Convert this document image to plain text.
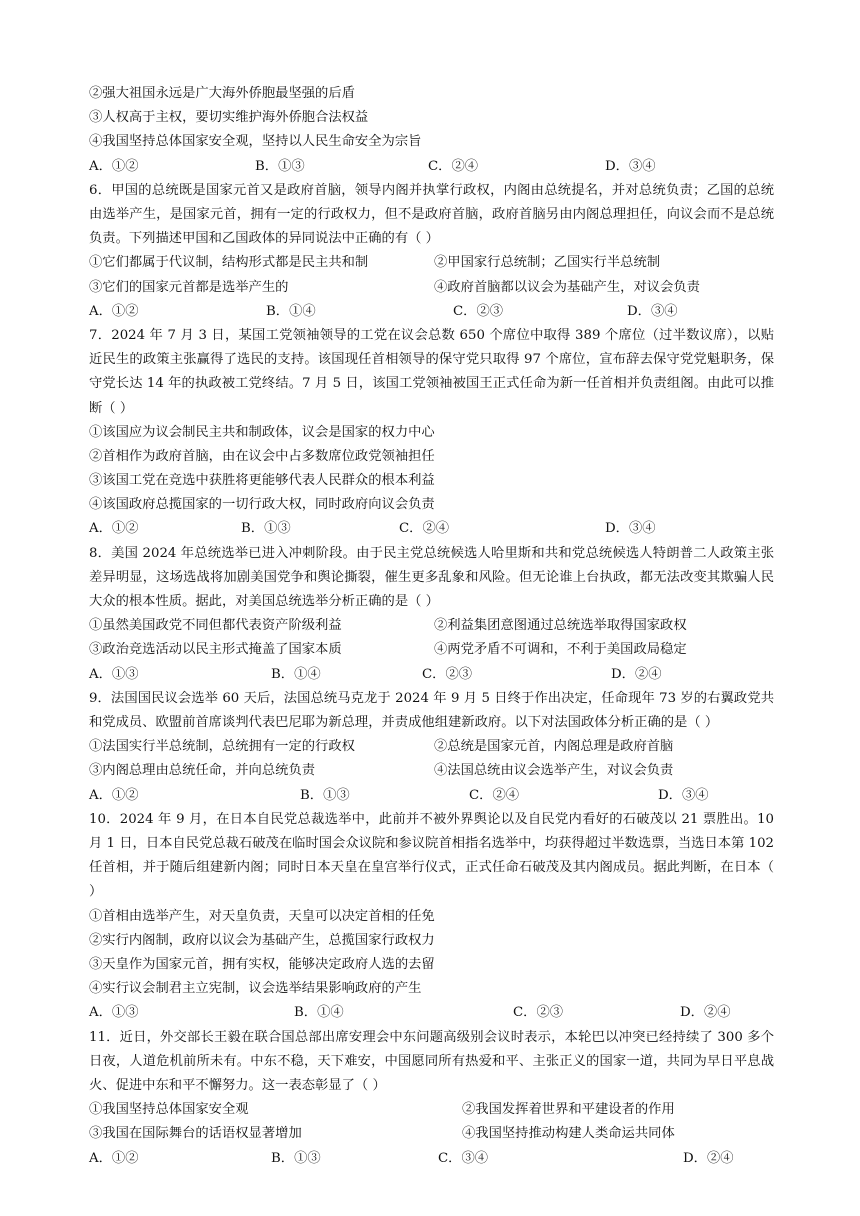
②强大祖国永远是广大海外侨胞最坚强的后盾
③人权高于主权，要切实维护海外侨胞合法权益
④我国坚持总体国家安全观，坚持以人民生命安全为宗旨
A．①②	B．①③	C．②④	D．③④
6．甲国的总统既是国家元首又是政府首脑，领导内阁并执掌行政权，内阁由总统提名，并对总统负责；乙国的总统由选举产生，是国家元首，拥有一定的行政权力，但不是政府首脑，政府首脑另由内阁总理担任，向议会而不是总统负责。下列描述甲国和乙国政体的异同说法中正确的有（ ）
①它们都属于代议制，结构形式都是民主共和制	②甲国家行总统制；乙国实行半总统制
③它们的国家元首都是选举产生的	④政府首脑都以议会为基础产生，对议会负责
A．①②	B．①④	C．②③	D．③④
7．2024 年 7 月 3 日，某国工党领袖领导的工党在议会总数 650 个席位中取得 389 个席位（过半数议席），以贴近民生的政策主张赢得了选民的支持。该国现任首相领导的保守党只取得 97 个席位，宣布辞去保守党党魁职务，保守党长达 14 年的执政被工党终结。7 月 5 日，该国工党领袖被国王正式任命为新一任首相并负责组阁。由此可以推断（ ）
①该国应为议会制民主共和制政体，议会是国家的权力中心
②首相作为政府首脑，由在议会中占多数席位政党领袖担任
③该国工党在竞选中获胜将更能够代表人民群众的根本利益
④该国政府总揽国家的一切行政大权，同时政府向议会负责
A．①②	B．①③	C．②④	D．③④
8．美国 2024 年总统选举已进入冲刺阶段。由于民主党总统候选人哈里斯和共和党总统候选人特朗普二人政策主张差异明显，这场选战将加剧美国党争和舆论撕裂，催生更多乱象和风险。但无论谁上台执政，都无法改变其欺骗人民大众的根本性质。据此，对美国总统选举分析正确的是（ ）
①虽然美国政党不同但都代表资产阶级利益	②利益集团意图通过总统选举取得国家政权
③政治竞选活动以民主形式掩盖了国家本质	④两党矛盾不可调和，不利于美国政局稳定
A．①③	B．①④	C．②③	D．②④
9．法国国民议会选举 60 天后，法国总统马克龙于 2024 年 9 月 5 日终于作出决定，任命现年 73 岁的右翼政党共和党成员、欧盟前首席谈判代表巴尼耶为新总理，并责成他组建新政府。以下对法国政体分析正确的是（ ）
①法国实行半总统制，总统拥有一定的行政权	②总统是国家元首，内阁总理是政府首脑
③内阁总理由总统任命，并向总统负责	④法国总统由议会选举产生，对议会负责
A．①②	B．①③	C．②④	D．③④
10．2024 年 9 月，在日本自民党总裁选举中，此前并不被外界舆论以及自民党内看好的石破茂以 21 票胜出。10 月 1 日，日本自民党总裁石破茂在临时国会众议院和参议院首相指名选举中，均获得超过半数选票，当选日本第 102 任首相，并于随后组建新内阁；同时日本天皇在皇宫举行仪式，正式任命石破茂及其内阁成员。据此判断，在日本（ ）
①首相由选举产生，对天皇负责，天皇可以决定首相的任免
②实行内阁制，政府以议会为基础产生，总揽国家行政权力
③天皇作为国家元首，拥有实权，能够决定政府人选的去留
④实行议会制君主立宪制，议会选举结果影响政府的产生
A．①③	B．①④	C．②③	D．②④
11．近日，外交部长王毅在联合国总部出席安理会中东问题高级别会议时表示，本轮巴以冲突已经持续了 300 多个日夜，人道危机前所未有。中东不稳，天下难安，中国愿同所有热爱和平、主张正义的国家一道，共同为早日平息战火、促进中东和平不懈努力。这一表态彰显了（ ）
①我国坚持总体国家安全观	②我国发挥着世界和平建设者的作用
③我国在国际舞台的话语权显著增加	④我国坚持推动构建人类命运共同体
A．①②	B．①③	C．③④	D．②④
